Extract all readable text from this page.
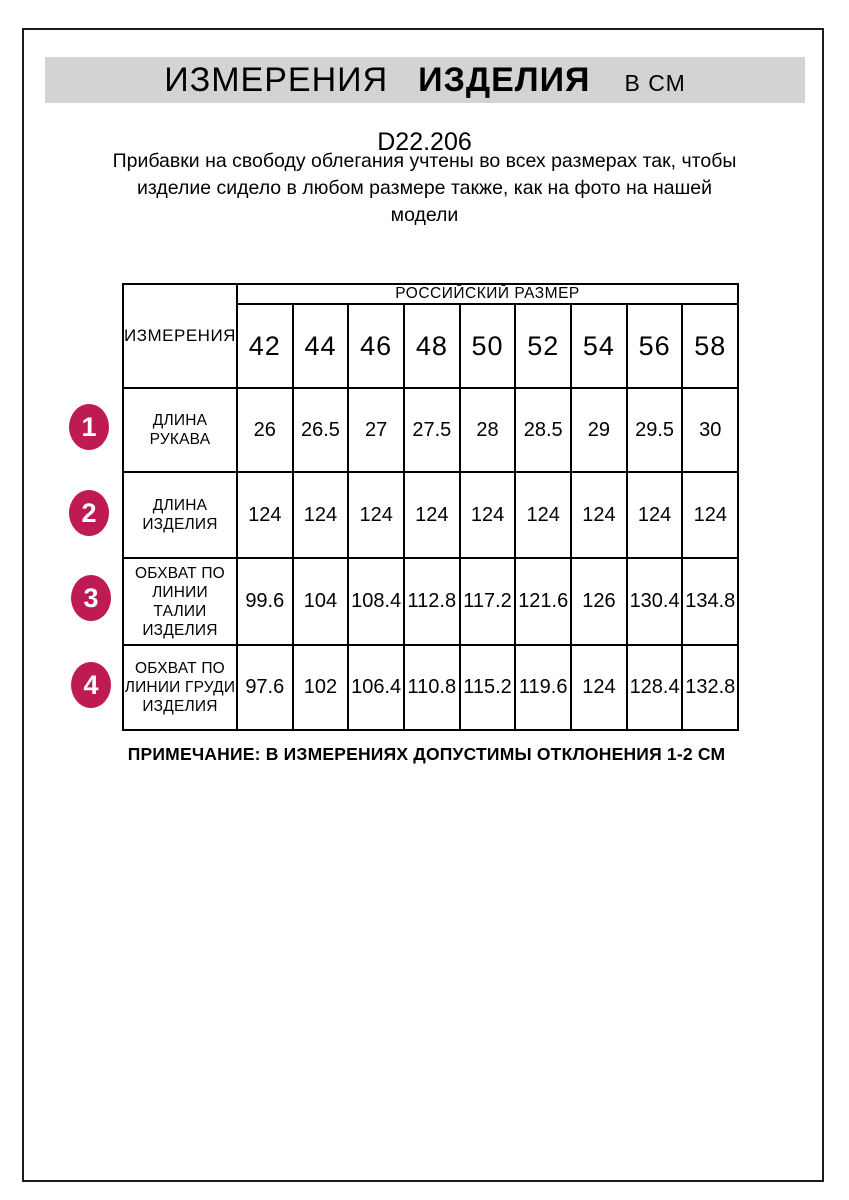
ИЗМЕРЕНИЯ ИЗДЕЛИЯ В СМ
D22.206
Прибавки на свободу облегания учтены во всех размерах так, чтобы
изделие сидело в любом размере также, как на фото на нашей
модели
ИЗМЕРЕНИЯ	РОССИЙСКИЙ РАЗМЕР								
	42	44	46	48	50	52	54	56	58
ДЛИНА
РУКАВА	26	26.5	27	27.5	28	28.5	29	29.5	30
ДЛИНА
ИЗДЕЛИЯ	124	124	124	124	124	124	124	124	124
ОБХВАТ ПО
ЛИНИИ ТАЛИИ
ИЗДЕЛИЯ	99.6	104	108.4	112.8	117.2	121.6	126	130.4	134.8
ОБХВАТ ПО
ЛИНИИ ГРУДИ
ИЗДЕЛИЯ	97.6	102	106.4	110.8	115.2	119.6	124	128.4	132.8
1
2
3
4
ПРИМЕЧАНИЕ: В ИЗМЕРЕНИЯХ ДОПУСТИМЫ ОТКЛОНЕНИЯ 1-2 СМ
